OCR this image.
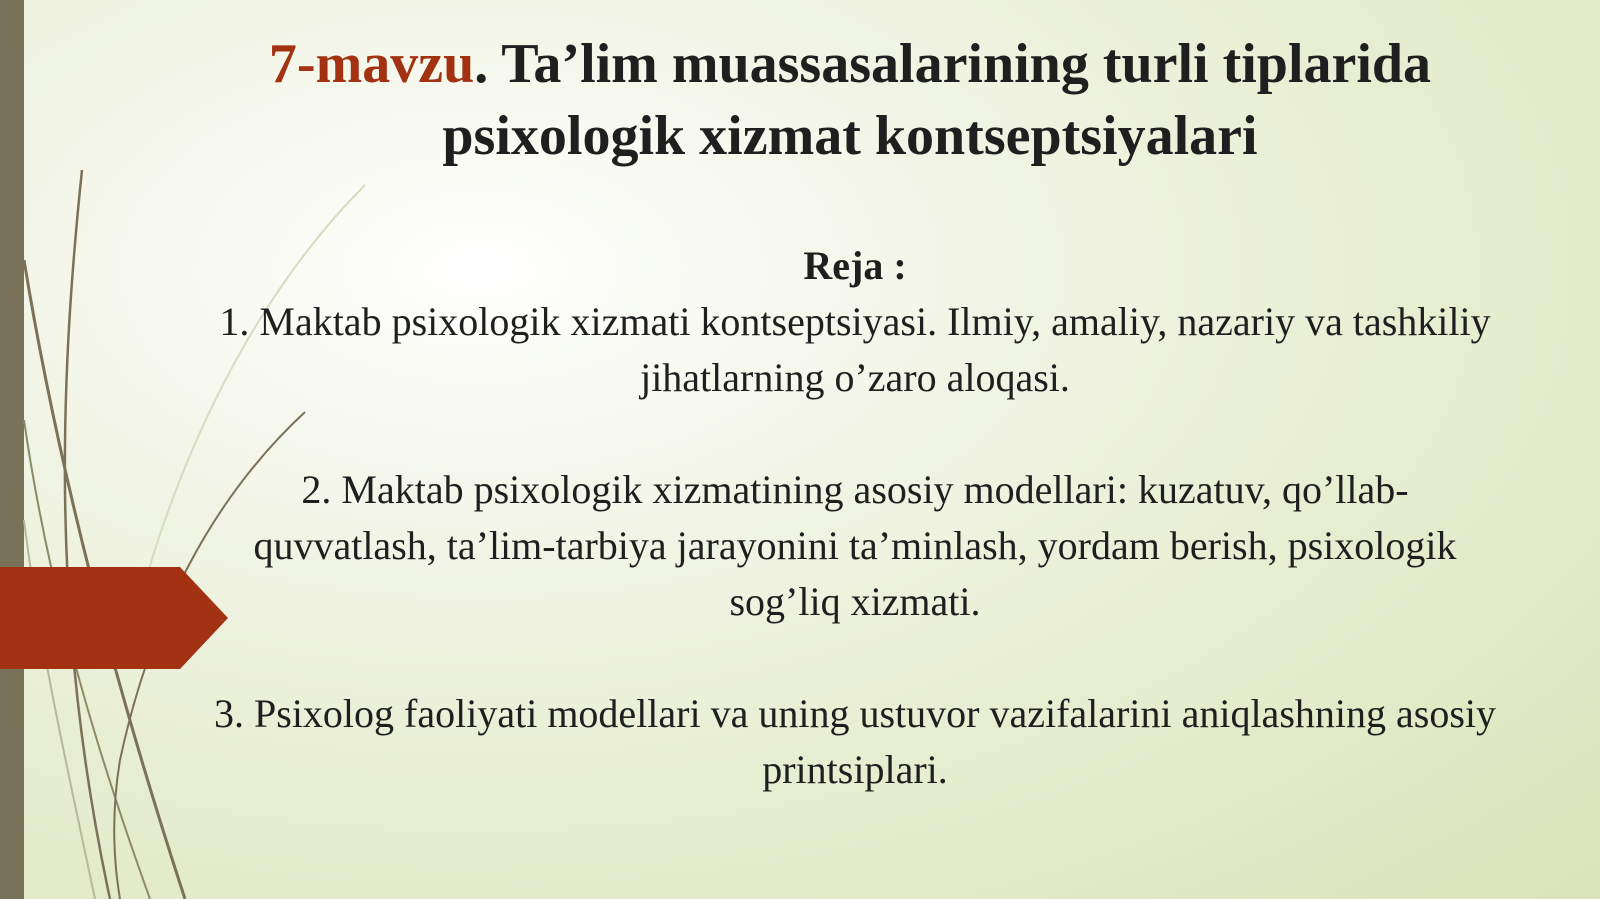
7-mavzu. Ta’lim muassasalarining turli tiplarida psixologik xizmat kontseptsiyalari
Reja :
1. Maktab psixologik xizmati kontseptsiyasi. Ilmiy, amaliy, nazariy va tashkiliy jihatlarning o’zaro aloqasi.
2. Maktab psixologik xizmatining asosiy modellari: kuzatuv, qo’llab-quvvatlash, ta’lim-tarbiya jarayonini ta’minlash, yordam berish, psixologik sog’liq xizmati.
3. Psixolog faoliyati modellari va uning ustuvor vazifalarini aniqlashning asosiy printsiplari.
